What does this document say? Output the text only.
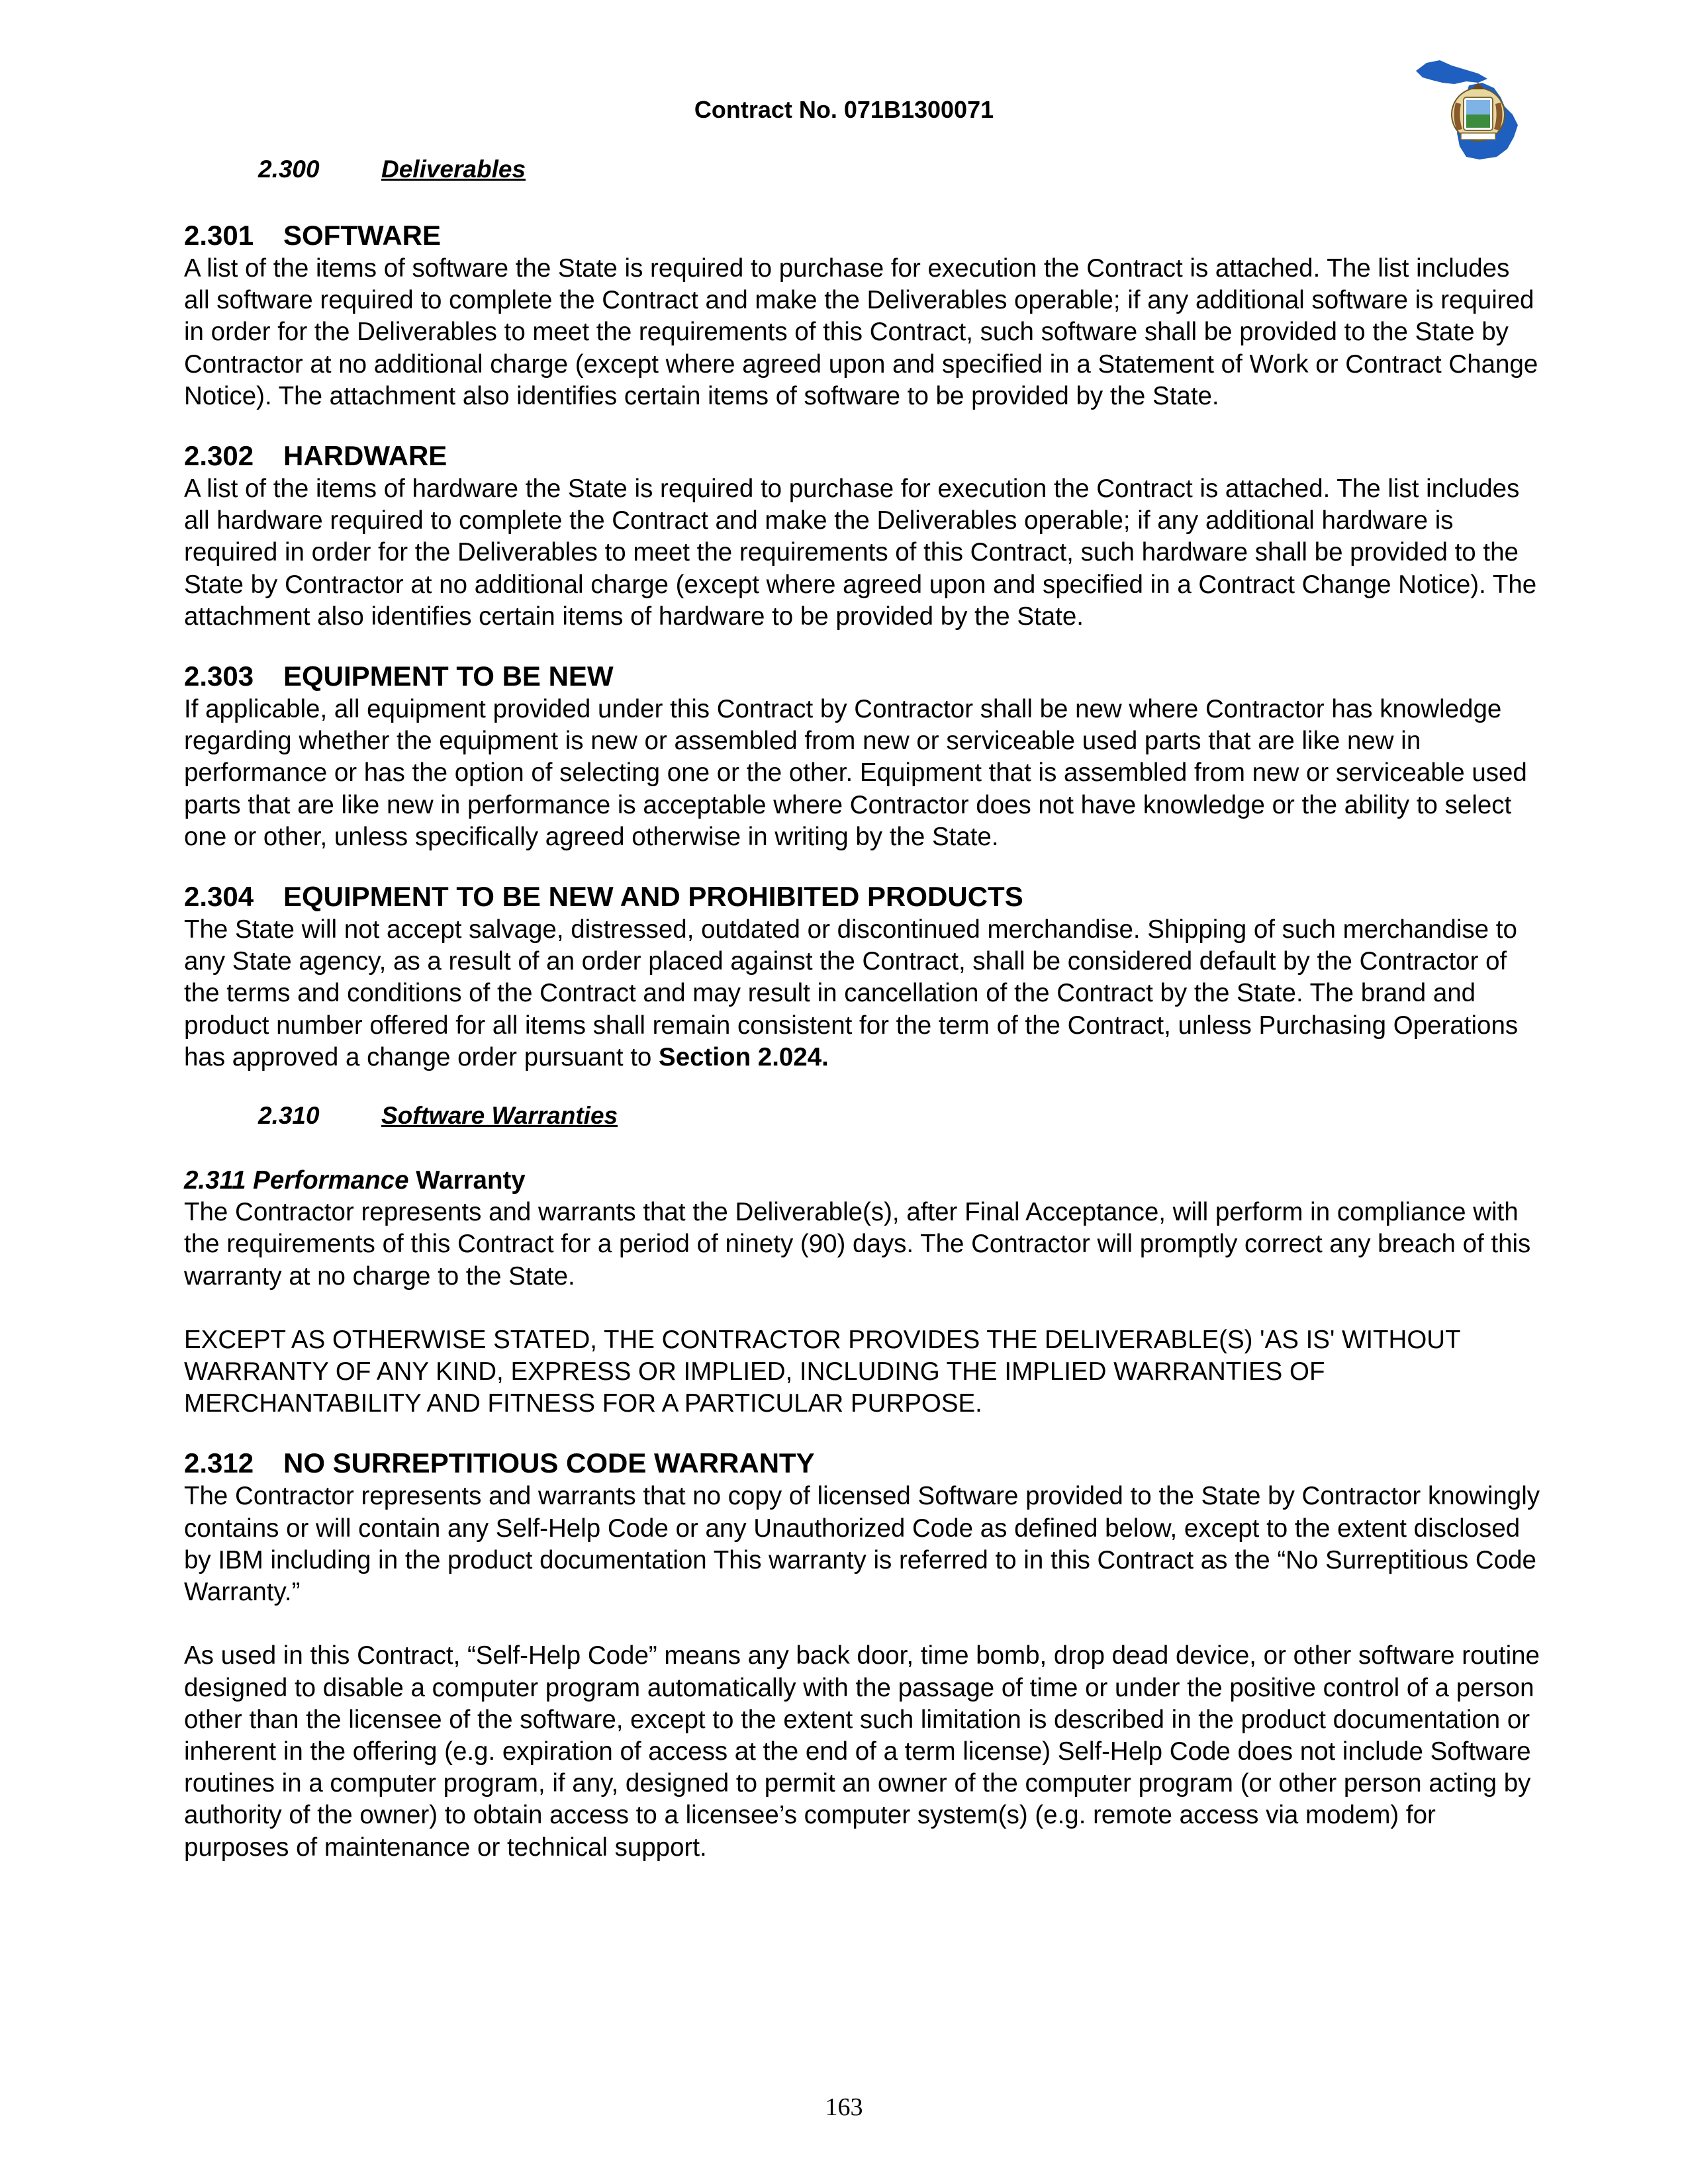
Contract No. 071B1300071
2.300	Deliverables
2.301 SOFTWARE

A list of the items of software the State is required to purchase for execution the Contract is attached. The list includes all software required to complete the Contract and make the Deliverables operable; if any additional software is required in order for the Deliverables to meet the requirements of this Contract, such software shall be provided to the State by Contractor at no additional charge (except where agreed upon and specified in a Statement of Work or Contract Change Notice). The attachment also identifies certain items of software to be provided by the State.

2.302 HARDWARE

A list of the items of hardware the State is required to purchase for execution the Contract is attached. The list includes all hardware required to complete the Contract and make the Deliverables operable; if any additional hardware is required in order for the Deliverables to meet the requirements of this Contract, such hardware shall be provided to the State by Contractor at no additional charge (except where agreed upon and specified in a Contract Change Notice). The attachment also identifies certain items of hardware to be provided by the State.

2.303 EQUIPMENT TO BE NEW

If applicable, all equipment provided under this Contract by Contractor shall be new where Contractor has knowledge regarding whether the equipment is new or assembled from new or serviceable used parts that are like new in performance or has the option of selecting one or the other. Equipment that is assembled from new or serviceable used parts that are like new in performance is acceptable where Contractor does not have knowledge or the ability to select one or other, unless specifically agreed otherwise in writing by the State.

2.304 EQUIPMENT TO BE NEW AND PROHIBITED PRODUCTS

The State will not accept salvage, distressed, outdated or discontinued merchandise. Shipping of such merchandise to any State agency, as a result of an order placed against the Contract, shall be considered default by the Contractor of the terms and conditions of the Contract and may result in cancellation of the Contract by the State. The brand and product number offered for all items shall remain consistent for the term of the Contract, unless Purchasing Operations has approved a change order pursuant to Section 2.024.

2.310	Software Warranties

2.311 Performance Warranty

The Contractor represents and warrants that the Deliverable(s), after Final Acceptance, will perform in compliance with the requirements of this Contract for a period of ninety (90) days. The Contractor will promptly correct any breach of this warranty at no charge to the State.

EXCEPT AS OTHERWISE STATED, THE CONTRACTOR PROVIDES THE DELIVERABLE(S) 'AS IS' WITHOUT WARRANTY OF ANY KIND, EXPRESS OR IMPLIED, INCLUDING THE IMPLIED WARRANTIES OF MERCHANTABILITY AND FITNESS FOR A PARTICULAR PURPOSE.

2.312 NO SURREPTITIOUS CODE WARRANTY

The Contractor represents and warrants that no copy of licensed Software provided to the State by Contractor knowingly contains or will contain any Self-Help Code or any Unauthorized Code as defined below, except to the extent disclosed by IBM including in the product documentation This warranty is referred to in this Contract as the “No Surreptitious Code Warranty.”

As used in this Contract, “Self-Help Code” means any back door, time bomb, drop dead device, or other software routine designed to disable a computer program automatically with the passage of time or under the positive control of a person other than the licensee of the software, except to the extent such limitation is described in the product documentation or inherent in the offering (e.g. expiration of access at the end of a term license) Self-Help Code does not include Software routines in a computer program, if any, designed to permit an owner of the computer program (or other person acting by authority of the owner) to obtain access to a licensee’s computer system(s) (e.g. remote access via modem) for purposes of maintenance or technical support.

163
